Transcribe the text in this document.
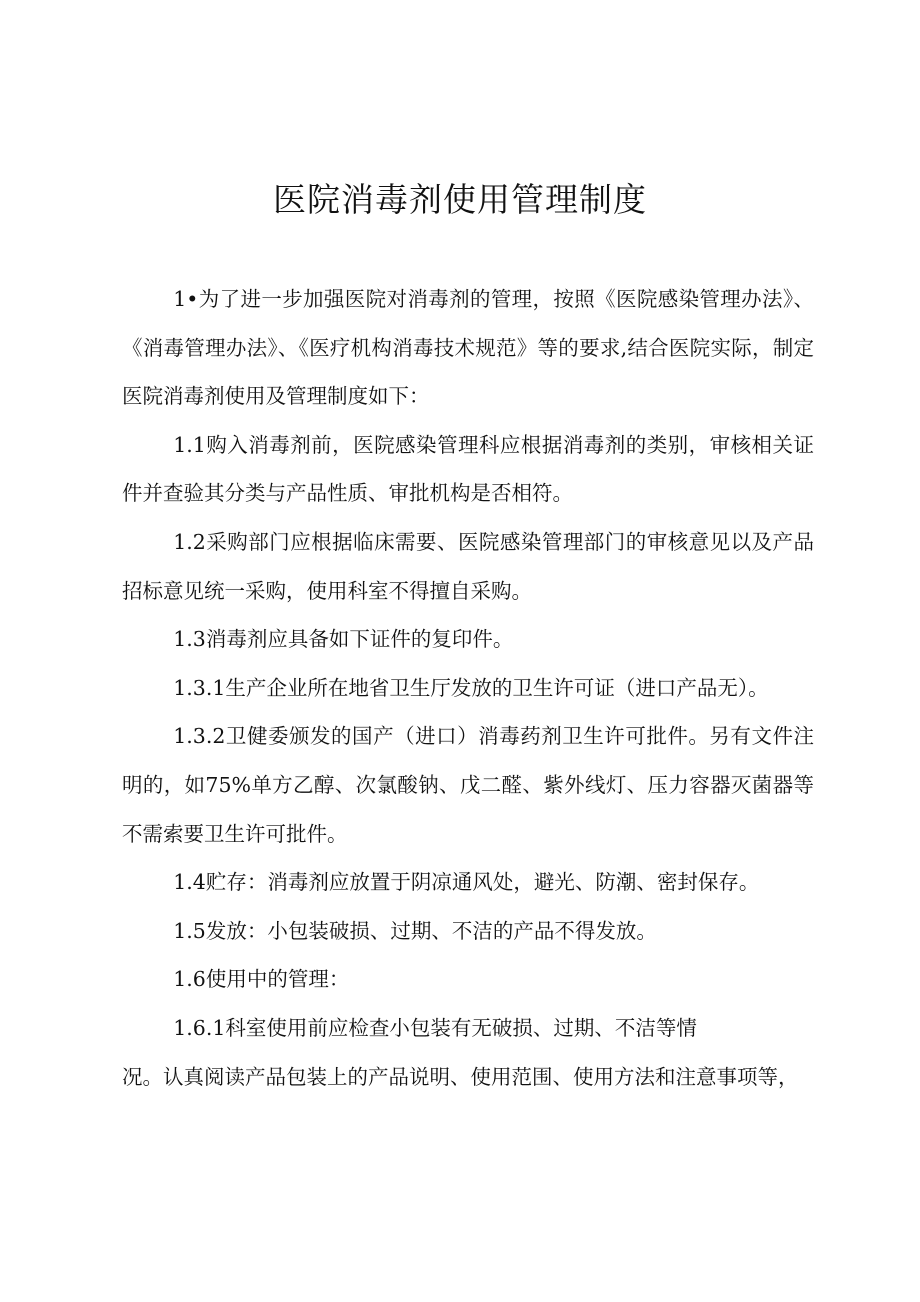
医院消毒剂使用管理制度

1•为了进一步加强医院对消毒剂的管理，按照《医院感染管理办法》、《消毒管理办法》、《医疗机构消毒技术规范》等的要求,结合医院实际，制定医院消毒剂使用及管理制度如下：

1.1购入消毒剂前，医院感染管理科应根据消毒剂的类别，审核相关证件并查验其分类与产品性质、审批机构是否相符。

1.2采购部门应根据临床需要、医院感染管理部门的审核意见以及产品招标意见统一采购，使用科室不得擅自采购。

1.3消毒剂应具备如下证件的复印件。

1.3.1生产企业所在地省卫生厅发放的卫生许可证（进口产品无）。

1.3.2卫健委颁发的国产（进口）消毒药剂卫生许可批件。另有文件注明的，如75%单方乙醇、次氯酸钠、戊二醛、紫外线灯、压力容器灭菌器等不需索要卫生许可批件。

1.4贮存：消毒剂应放置于阴凉通风处，避光、防潮、密封保存。

1.5发放：小包装破损、过期、不洁的产品不得发放。

1.6使用中的管理：

1.6.1科室使用前应检查小包装有无破损、过期、不洁等情

况。认真阅读产品包装上的产品说明、使用范围、使用方法和注意事项等，
